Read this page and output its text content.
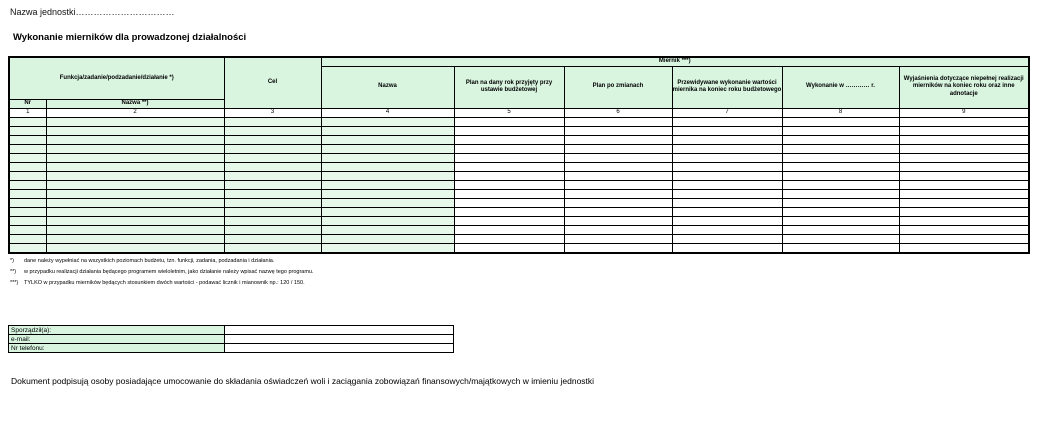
Nazwa jednostki……………………………
Wykonanie mierników dla prowadzonej działalności
Funkcja/zadanie/podzadanie/działanie *)		Cel	Miernik ***)					
			Nazwa	Plan na dany rok przyjęty przy ustawie budżetowej	Plan po zmianach	Przewidywane wykonanie wartości miernika na koniec roku budżetowego	Wykonanie w ………… r.	Wyjaśnienia dotyczące niepełnej realizacji mierników na koniec roku oraz inne adnotacje
Nr	Nazwa **)							
1	2	3	4	5	6	7	8	9

*) dane należy wypełniać na wszystkich poziomach budżetu, tzn. funkcji, zadania, podzadania i działania.
**) w przypadku realizacji działania będącego programem wieloletnim, jako działanie należy wpisać nazwę tego programu.
***) TYLKO w przypadku mierników będących stosunkiem dwóch wartości - podawać licznik i mianownik np.: 120 / 150.
Sporządził(a):	
e-mail:	
Nr telefonu:	
Dokument podpisują osoby posiadające umocowanie do składania oświadczeń woli i zaciągania zobowiązań finansowych/majątkowych w imieniu jednostki
